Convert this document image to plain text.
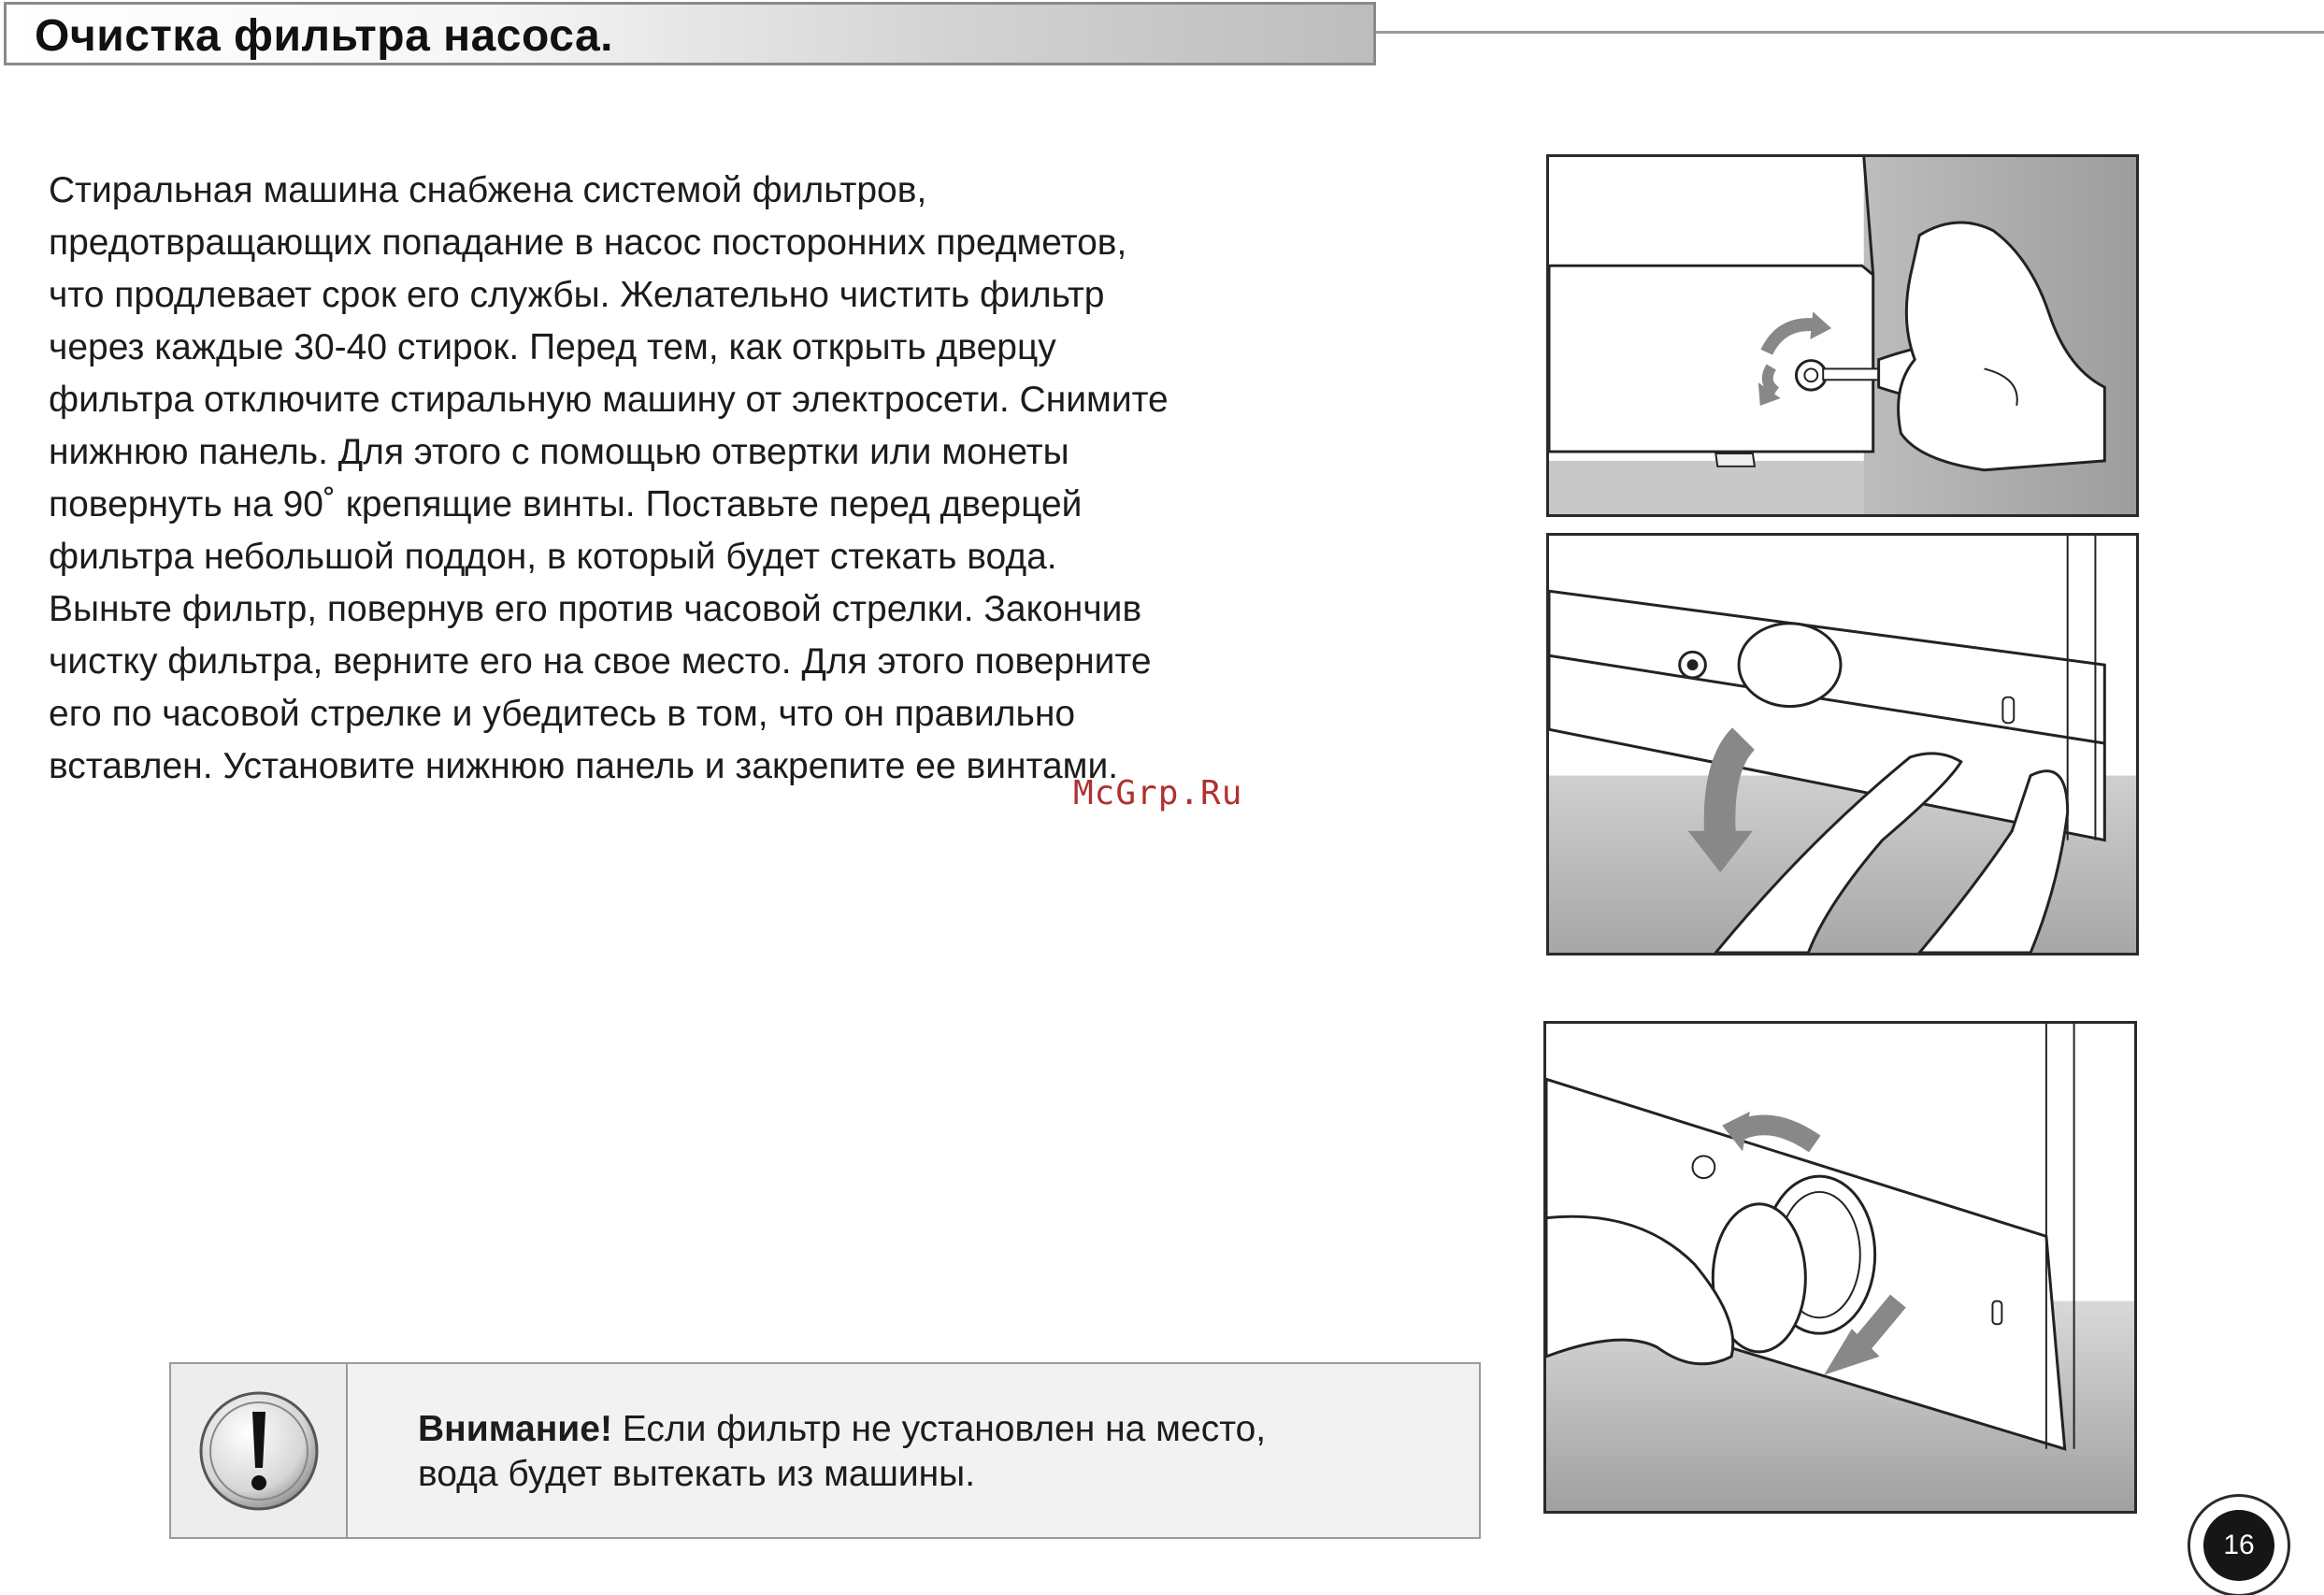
Очистка фильтра насоса.
Стиральная машина снабжена системой фильтров,
предотвращающих попадание в насос посторонних предметов,
что продлевает срок его службы. Желательно чистить фильтр
через каждые 30-40 стирок. Перед тем, как открыть дверцу
фильтра отключите стиральную машину от электросети. Снимите
нижнюю панель. Для этого с помощью отвертки или монеты
повернуть на 90˚ крепящие винты. Поставьте перед дверцей
фильтра небольшой поддон, в который будет стекать вода.
Выньте фильтр, повернув его против часовой стрелки. Закончив
чистку фильтра, верните его на свое место. Для этого поверните
его по часовой стрелке и убедитесь в том, что он правильно
вставлен. Установите нижнюю панель и закрепите ее винтами.
McGrp.Ru
Внимание! Если фильтр не установлен на место,
вода будет вытекать из машины.
16
